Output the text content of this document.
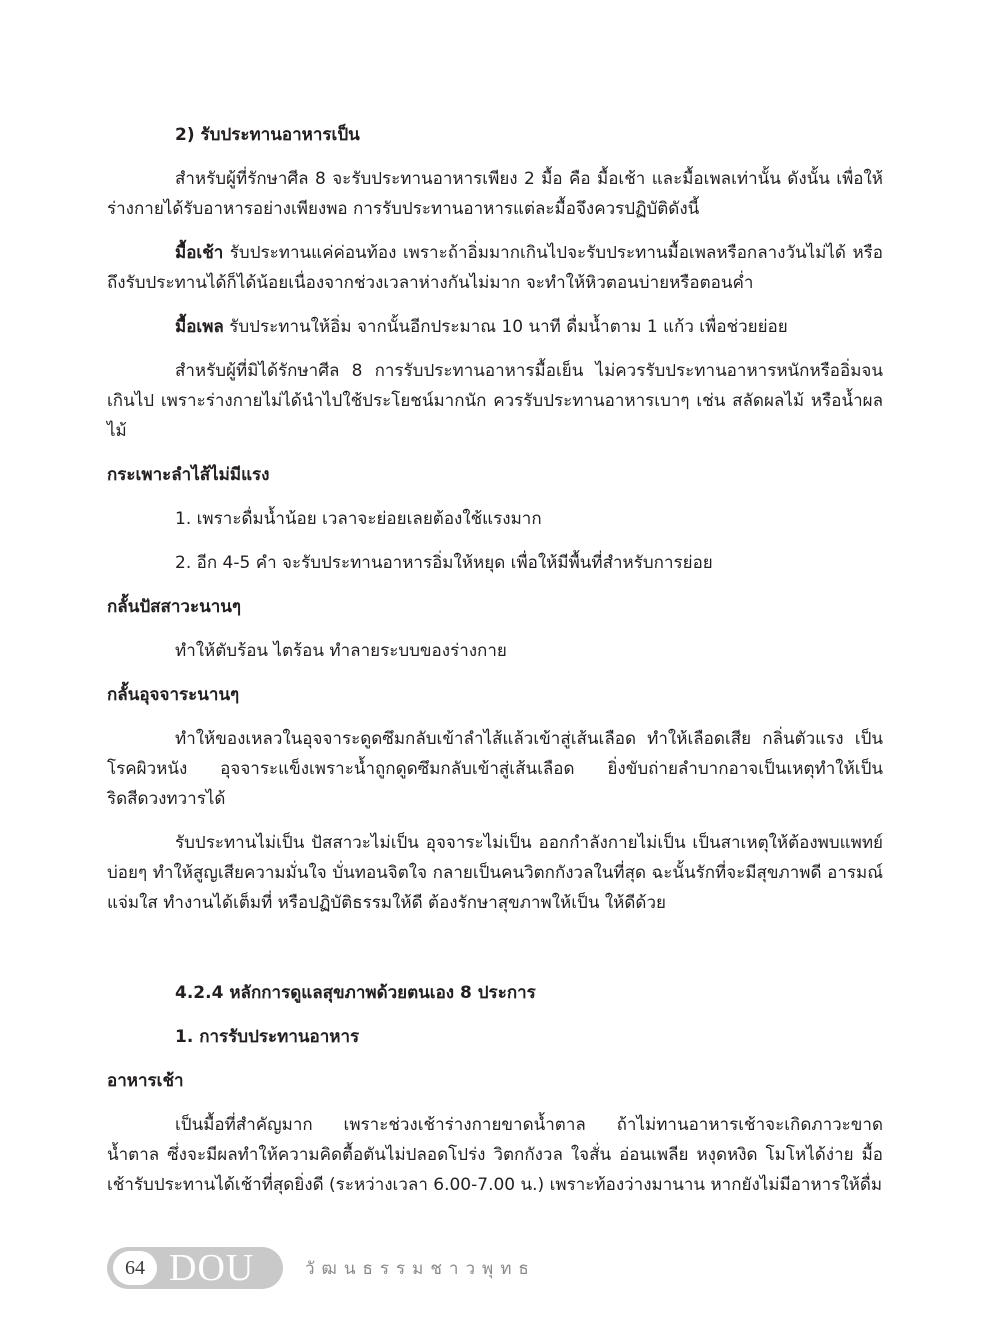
2) รับประทานอาหารเป็น

สำหรับผู้ที่รักษาศีล 8 จะรับประทานอาหารเพียง 2 มื้อ คือ มื้อเช้า และมื้อเพลเท่านั้น ดังนั้น เพื่อให้ร่างกายได้รับอาหารอย่างเพียงพอ การรับประทานอาหารแต่ละมื้อจึงควรปฏิบัติดังนี้

มื้อเช้า รับประทานแค่ค่อนท้อง เพราะถ้าอิ่มมากเกินไปจะรับประทานมื้อเพลหรือกลางวันไม่ได้ หรือถึงรับประทานได้ก็ได้น้อยเนื่องจากช่วงเวลาห่างกันไม่มาก จะทำให้หิวตอนบ่ายหรือตอนค่ำ

มื้อเพล รับประทานให้อิ่ม จากนั้นอีกประมาณ 10 นาที ดื่มน้ำตาม 1 แก้ว เพื่อช่วยย่อย

สำหรับผู้ที่มิได้รักษาศีล 8 การรับประทานอาหารมื้อเย็น ไม่ควรรับประทานอาหารหนักหรืออิ่มจนเกินไป เพราะร่างกายไม่ได้นำไปใช้ประโยชน์มากนัก ควรรับประทานอาหารเบาๆ เช่น สลัดผลไม้ หรือน้ำผลไม้

กระเพาะลำไส้ไม่มีแรง

1. เพราะดื่มน้ำน้อย เวลาจะย่อยเลยต้องใช้แรงมาก

2. อีก 4-5 คำ จะรับประทานอาหารอิ่มให้หยุด เพื่อให้มีพื้นที่สำหรับการย่อย

กลั้นปัสสาวะนานๆ

ทำให้ตับร้อน ไตร้อน ทำลายระบบของร่างกาย

กลั้นอุจจาระนานๆ

ทำให้ของเหลวในอุจจาระดูดซึมกลับเข้าลำไส้แล้วเข้าสู่เส้นเลือด ทำให้เลือดเสีย กลิ่นตัวแรง เป็นโรคผิวหนัง อุจจาระแข็งเพราะน้ำถูกดูดซึมกลับเข้าสู่เส้นเลือด ยิ่งขับถ่ายลำบากอาจเป็นเหตุทำให้เป็นริดสีดวงทวารได้

รับประทานไม่เป็น ปัสสาวะไม่เป็น อุจจาระไม่เป็น ออกกำลังกายไม่เป็น เป็นสาเหตุให้ต้องพบแพทย์บ่อยๆ ทำให้สูญเสียความมั่นใจ บั่นทอนจิตใจ กลายเป็นคนวิตกกังวลในที่สุด ฉะนั้นรักที่จะมีสุขภาพดี อารมณ์แจ่มใส ทำงานได้เต็มที่ หรือปฏิบัติธรรมให้ดี ต้องรักษาสุขภาพให้เป็น ให้ดีด้วย

4.2.4 หลักการดูแลสุขภาพด้วยตนเอง 8 ประการ
1. การรับประทานอาหาร
อาหารเช้า

เป็นมื้อที่สำคัญมาก เพราะช่วงเช้าร่างกายขาดน้ำตาล ถ้าไม่ทานอาหารเช้าจะเกิดภาวะขาดน้ำตาล ซึ่งจะมีผลทำให้ความคิดตื้อตันไม่ปลอดโปร่ง วิตกกังวล ใจสั่น อ่อนเพลีย หงุดหงิด โมโหได้ง่าย มื้อเช้ารับประทานได้เช้าที่สุดยิ่งดี (ระหว่างเวลา 6.00-7.00 น.) เพราะท้องว่างมานาน หากยังไม่มีอาหารให้ดื่ม

64 DOU	วัฒนธรรมชาวพุทธ
